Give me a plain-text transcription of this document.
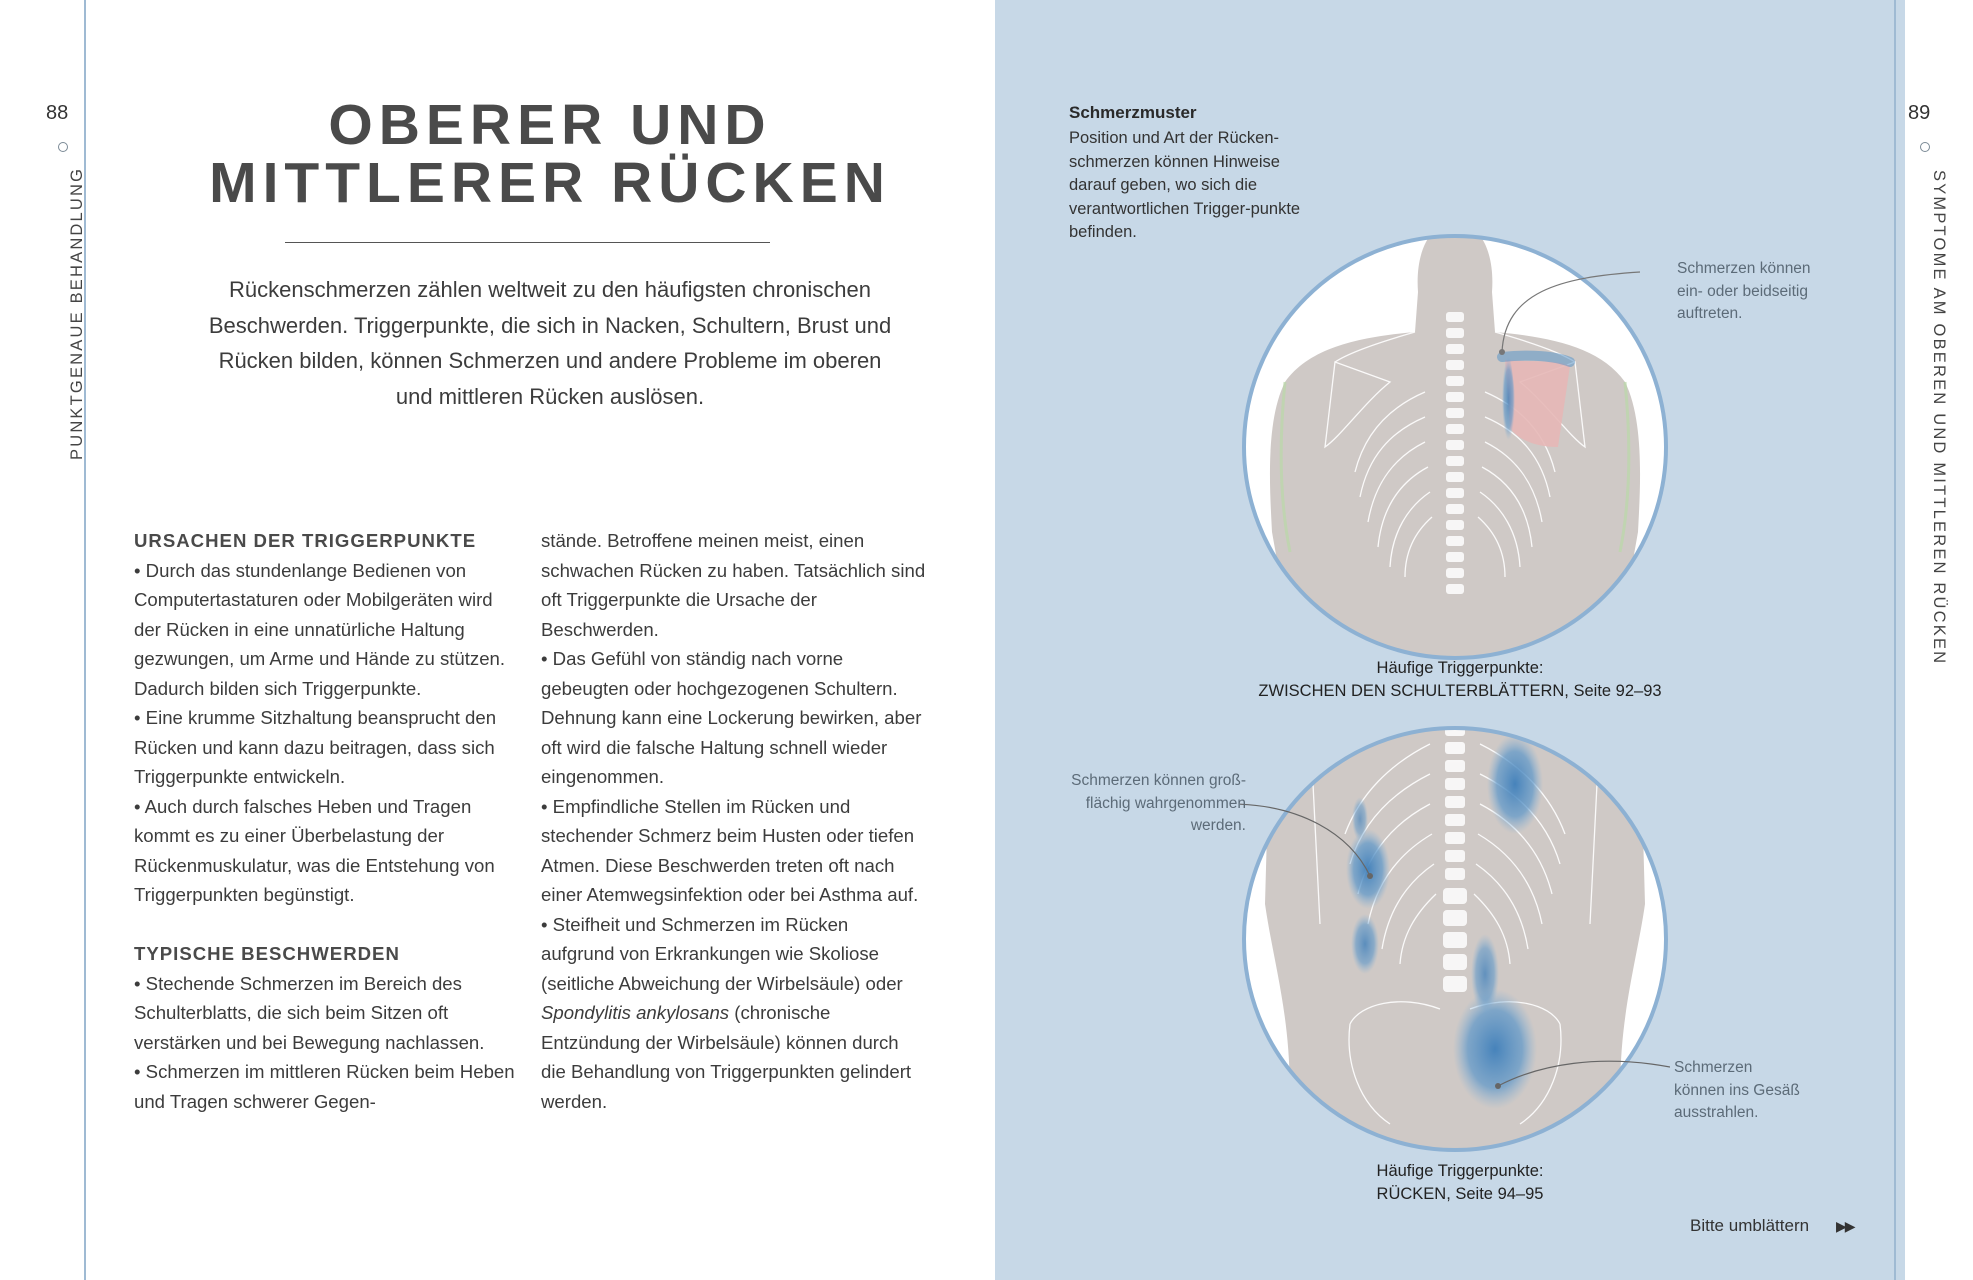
88
PUNKTGENAUE BEHANDLUNG
OBERER UND
MITTLERER RÜCKEN
Rückenschmerzen zählen weltweit zu den häufigsten chronischen
Beschwerden. Triggerpunkte, die sich in Nacken, Schultern, Brust und
Rücken bilden, können Schmerzen und andere Probleme im oberen
und mittleren Rücken auslösen.
URSACHEN DER TRIGGERPUNKTE

• Durch das stundenlange Bedienen von Computertastaturen oder Mobilgeräten wird der Rücken in eine unnatürliche Haltung gezwungen, um Arme und Hände zu stützen. Dadurch bilden sich Triggerpunkte.

• Eine krumme Sitzhaltung beansprucht den Rücken und kann dazu beitragen, dass sich Triggerpunkte entwickeln.

• Auch durch falsches Heben und Tragen kommt es zu einer Überbelastung der Rückenmuskulatur, was die Entstehung von Triggerpunkten begünstigt.

TYPISCHE BESCHWERDEN

• Stechende Schmerzen im Bereich des Schulterblatts, die sich beim Sitzen oft verstärken und bei Bewegung nachlassen.

• Schmerzen im mittleren Rücken beim Heben und Tragen schwerer Gegen-

stände. Betroffene meinen meist, einen schwachen Rücken zu haben. Tatsächlich sind oft Triggerpunkte die Ursache der Beschwerden.

• Das Gefühl von ständig nach vorne gebeugten oder hochgezogenen Schultern. Dehnung kann eine Lockerung bewirken, aber oft wird die falsche Haltung schnell wieder eingenommen.

• Empfindliche Stellen im Rücken und stechender Schmerz beim Husten oder tiefen Atmen. Diese Beschwerden treten oft nach einer Atemwegsinfektion oder bei Asthma auf.

• Steifheit und Schmerzen im Rücken aufgrund von Erkrankungen wie Skoliose (seitliche Abweichung der Wirbelsäule) oder Spondylitis ankylosans (chronische Entzündung der Wirbelsäule) können durch die Behandlung von Triggerpunkten gelindert werden.

89
SYMPTOME AM OBEREN UND MITTLEREN RÜCKEN
Schmerzmuster
Position und Art der Rücken-schmerzen können Hinweise darauf geben, wo sich die verantwortlichen Trigger-punkte befinden.
Schmerzen können
ein- oder beidseitig
auftreten.
Häufige Triggerpunkte:
ZWISCHEN DEN SCHULTERBLÄTTERN, Seite 92–93
Schmerzen können groß-
flächig wahrgenommen
werden.
Schmerzen
können ins Gesäß
ausstrahlen.
Häufige Triggerpunkte:
RÜCKEN, Seite 94–95
Bitte umblättern ▶▶
